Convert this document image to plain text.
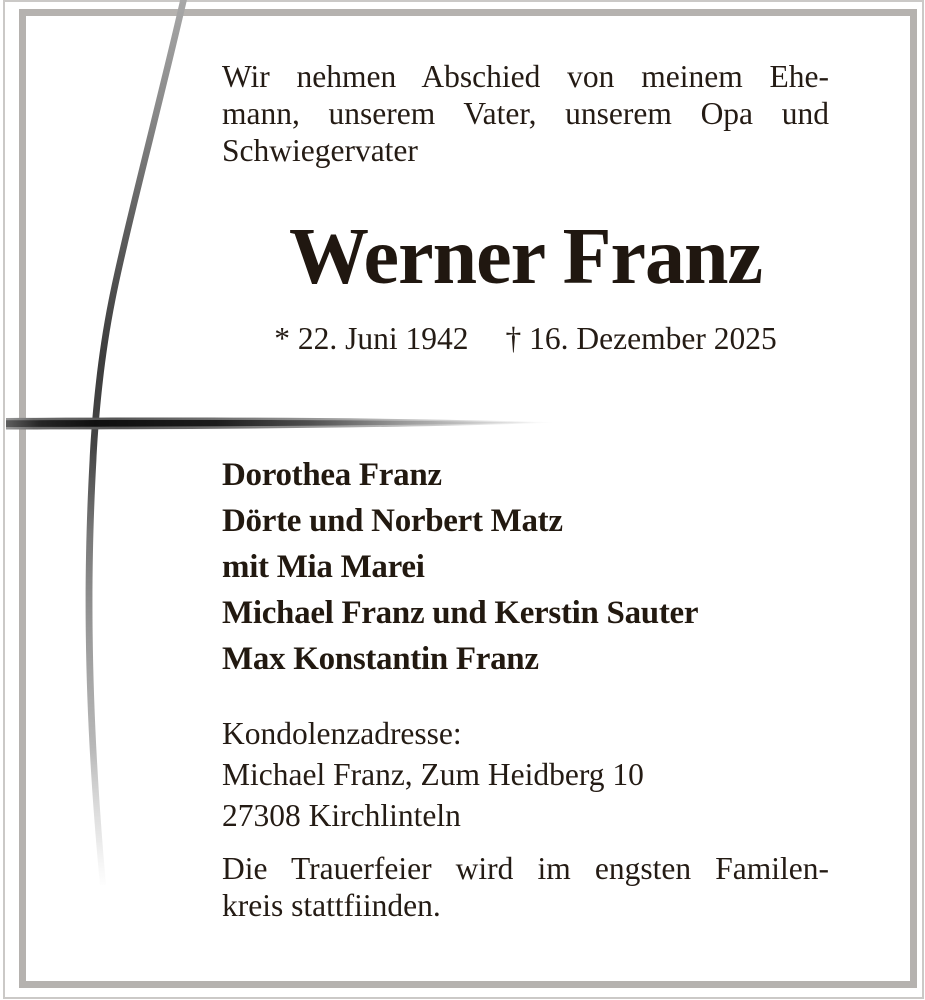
Wir nehmen Abschied von meinem Ehe-
mann, unserem Vater, unserem Opa und
Schwiegervater
Werner Franz
* 22. Juni 1942 † 16. Dezember 2025
Dorothea Franz
Dörte und Norbert Matz
mit Mia Marei
Michael Franz und Kerstin Sauter
Max Konstantin Franz
Kondolenzadresse:
Michael Franz, Zum Heidberg 10
27308 Kirchlinteln
Die Trauerfeier wird im engsten Familen-
kreis stattfiinden.
